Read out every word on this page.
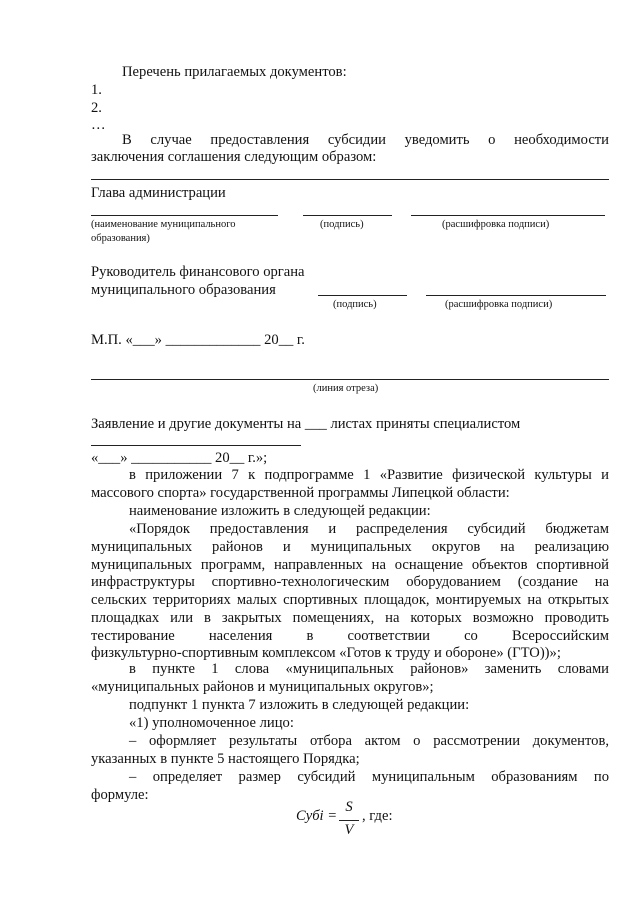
Перечень прилагаемых документов:
1.
2.
…
В случае предоставления субсидии уведомить о необходимости
заключения соглашения следующим образом:
Глава администрации
(наименование муниципального
образования)
(подпись)	(расшифровка подписи)
Руководитель финансового органа
муниципального образования
(подпись)	(расшифровка подписи)
М.П. «___» _____________ 20__ г.
(линия отреза)
Заявление и другие документы на ___ листах приняты специалистом
«___» ___________ 20__ г.»;
в приложении 7 к подпрограмме 1 «Развитие физической культуры и
массового спорта» государственной программы Липецкой области:
наименование изложить в следующей редакции:
«Порядок предоставления и распределения субсидий бюджетам
муниципальных районов и муниципальных округов на реализацию
муниципальных программ, направленных на оснащение объектов спортивной
инфраструктуры спортивно-технологическим оборудованием (создание на
сельских территориях малых спортивных площадок, монтируемых на открытых
площадках или в закрытых помещениях, на которых возможно проводить
тестирование населения в соответствии со Всероссийским
физкультурно-спортивным комплексом «Готов к труду и обороне» (ГТО))»;
в пункте 1 слова «муниципальных районов» заменить словами
«муниципальных районов и муниципальных округов»;
подпункт 1 пункта 7 изложить в следующей редакции:
«1) уполномоченное лицо:
– оформляет результаты отбора актом о рассмотрении документов,
указанных в пункте 5 настоящего Порядка;
– определяет размер субсидий муниципальным образованиям по
формуле:
Субi =
S
V
, где:
